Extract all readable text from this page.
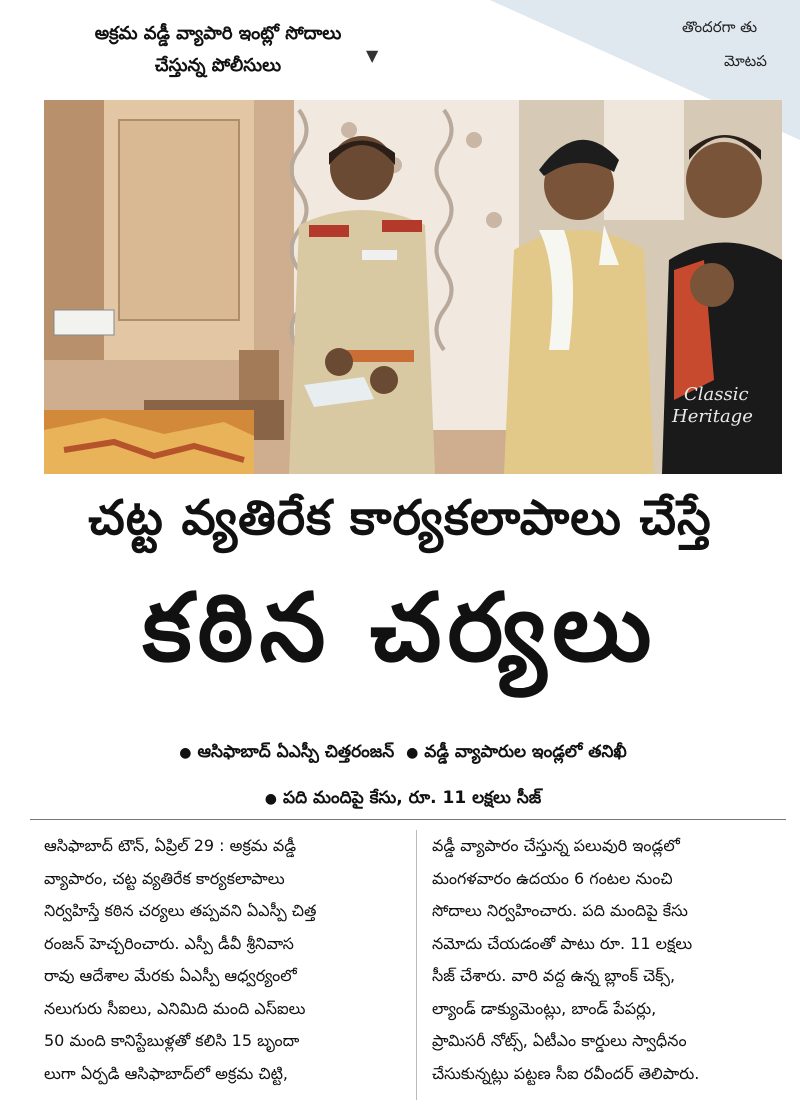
తొందరగా తు
మోటప
అక్రమ వడ్డీ వ్యాపారి ఇంట్లో సోదాలు
చేస్తున్న పోలీసులు	▼
Classic
Heritage
చట్ట వ్యతిరేక కార్యకలాపాలు చేస్తే
కఠిన చర్యలు
● ఆసిఫాబాద్ ఏఎస్పీ చిత్తరంజన్ ● వడ్డీ వ్యాపారుల ఇండ్లలో తనిఖీ
● పది మందిపై కేసు, రూ. 11 లక్షలు సీజ్
ఆసిఫాబాద్ టౌన్, ఏప్రిల్ 29 : అక్రమ వడ్డీ
వ్యాపారం, చట్ట వ్యతిరేక కార్యకలాపాలు
నిర్వహిస్తే కఠిన చర్యలు తప్పవని ఏఎస్పీ చిత్త
రంజన్ హెచ్చరించారు. ఎస్పీ డీవీ శ్రీనివాస
రావు ఆదేశాల మేరకు ఏఎస్పీ ఆధ్వర్యంలో
నలుగురు సీఐలు, ఎనిమిది మంది ఎస్ఐలు
50 మంది కానిస్టేబుళ్లతో కలిసి 15 బృందా
లుగా ఏర్పడి ఆసిఫాబాద్‌లో అక్రమ చిట్టి,
వడ్డీ వ్యాపారం చేస్తున్న పలువురి ఇండ్లలో
మంగళవారం ఉదయం 6 గంటల నుంచి
సోదాలు నిర్వహించారు. పది మందిపై కేసు
నమోదు చేయడంతో పాటు రూ. 11 లక్షలు
సీజ్ చేశారు. వారి వద్ద ఉన్న బ్లాంక్ చెక్స్,
ల్యాండ్ డాక్యుమెంట్లు, బాండ్ పేపర్లు,
ప్రామిసరీ నోట్స్, ఏటీఎం కార్డులు స్వాధీనం
చేసుకున్నట్లు పట్టణ సీఐ రవీందర్ తెలిపారు.
